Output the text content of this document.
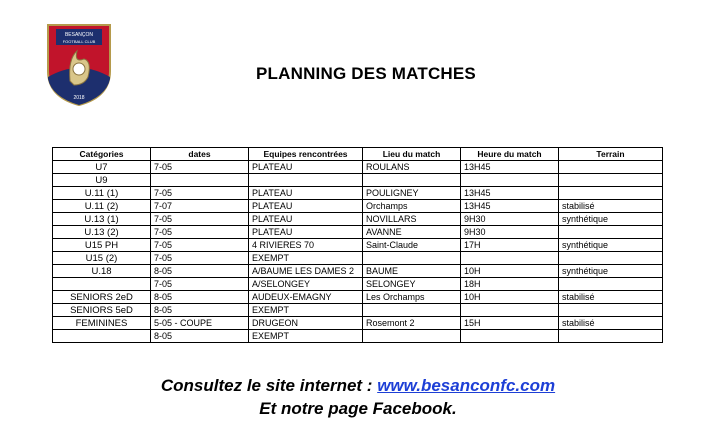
BESANÇON
FOOTBALL CLUB
2018
PLANNING DES MATCHES
Catégories	dates	Equipes rencontrées	Lieu du match	Heure du match	Terrain
U7	7-05	PLATEAU	ROULANS	13H45	
U9					
U.11 (1)	7-05	PLATEAU	POULIGNEY	13H45	
U.11 (2)	7-07	PLATEAU	Orchamps	13H45	stabilisé
U.13 (1)	7-05	PLATEAU	NOVILLARS	9H30	synthétique
U.13 (2)	7-05	PLATEAU	AVANNE	9H30	
U15 PH	7-05	4 RIVIERES 70	Saint-Claude	17H	synthétique
U15 (2)	7-05	EXEMPT			
U.18	8-05	A/BAUME LES DAMES 2	BAUME	10H	synthétique
	7-05	A/SELONGEY	SELONGEY	18H	
SENIORS 2eD	8-05	AUDEUX-EMAGNY	Les Orchamps	10H	stabilisé
SENIORS 5eD	8-05	EXEMPT			
FEMININES	5-05 - COUPE	DRUGEON	Rosemont 2	15H	stabilisé
	8-05	EXEMPT			
Consultez le site internet : www.besanconfc.com
Et notre page Facebook.
